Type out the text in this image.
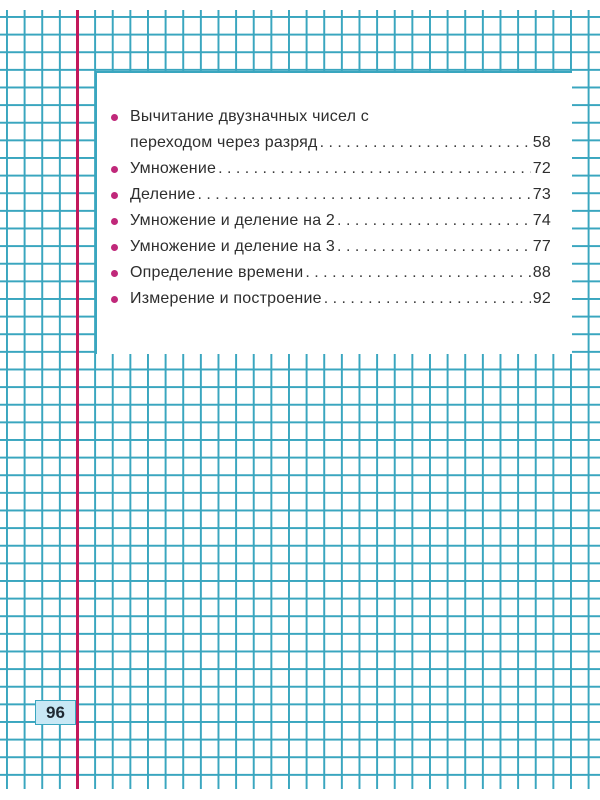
Вычитание двузначных чисел с
переходом через разряд . . .	58
Умножение . . .	72
Деление . . .	73
Умножение и деление на 2 . . .	74
Умножение и деление на 3 . . .	77
Определение времени . . .	88
Измерение и построение . . .	92
96
